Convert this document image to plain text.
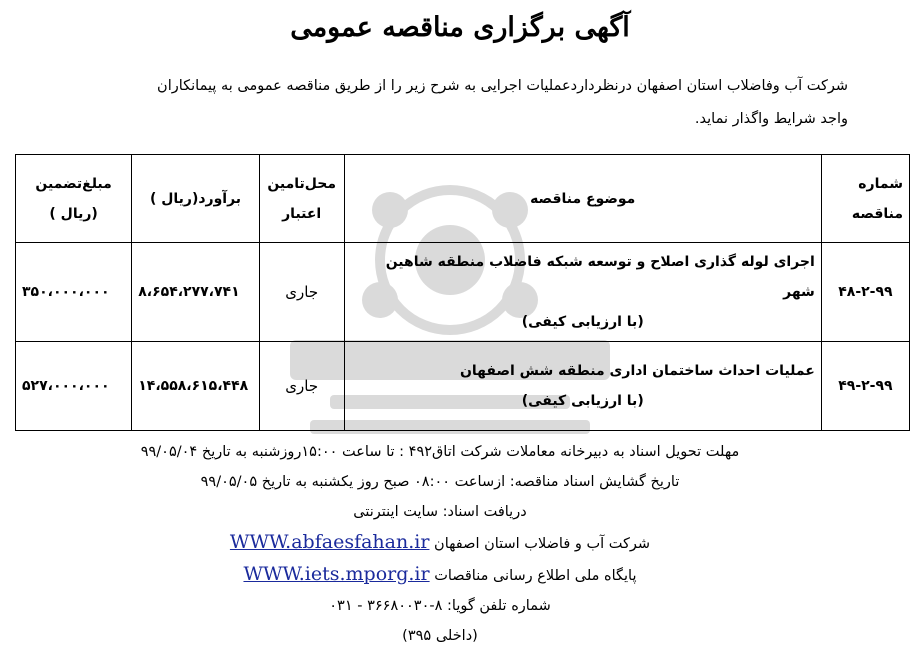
آگهی برگزاری مناقصه عمومی
شرکت آب وفاضلاب استان اصفهان درنظرداردعملیات اجرایی به شرح زیر را از طریق مناقصه عمومی به پیمانکاران
واجد شرایط واگذار نماید.
شماره مناقصه	موضوع مناقصه	محل‌تامین اعتبار	برآورد(ریال )	مبلغ‌تضمین
(ریال )
۴۸-۲-۹۹	اجرای لوله گذاری اصلاح و توسعه شبکه فاضلاب منطقه شاهین شهر
(با ارزیابی کیفی)	جاری	۸،۶۵۴،۲۷۷،۷۴۱	۳۵۰،۰۰۰،۰۰۰
۴۹-۲-۹۹	عملیات احداث ساختمان اداری منطقه شش اصفهان
(با ارزیابی کیفی)	جاری	۱۴،۵۵۸،۶۱۵،۴۴۸	۵۲۷،۰۰۰،۰۰۰
مهلت تحویل اسناد به دبیرخانه معاملات شرکت اتاق۴۹۲ : تا ساعت ۱۵:۰۰روزشنبه به تاریخ ۹۹/۰۵/۰۴
تاریخ گشایش اسناد مناقصه: ازساعت ۰۸:۰۰ صبح روز یکشنبه به تاریخ ۹۹/۰۵/۰۵
دریافت اسناد: سایت اینترنتی
شرکت آب و فاضلاب استان اصفهان WWW.abfaesfahan.ir
پایگاه ملی اطلاع رسانی مناقصات WWW.iets.mporg.ir
شماره تلفن گویا: ۸-۳۶۶۸۰۰۳۰ - ۰۳۱
(داخلی ۳۹۵)
